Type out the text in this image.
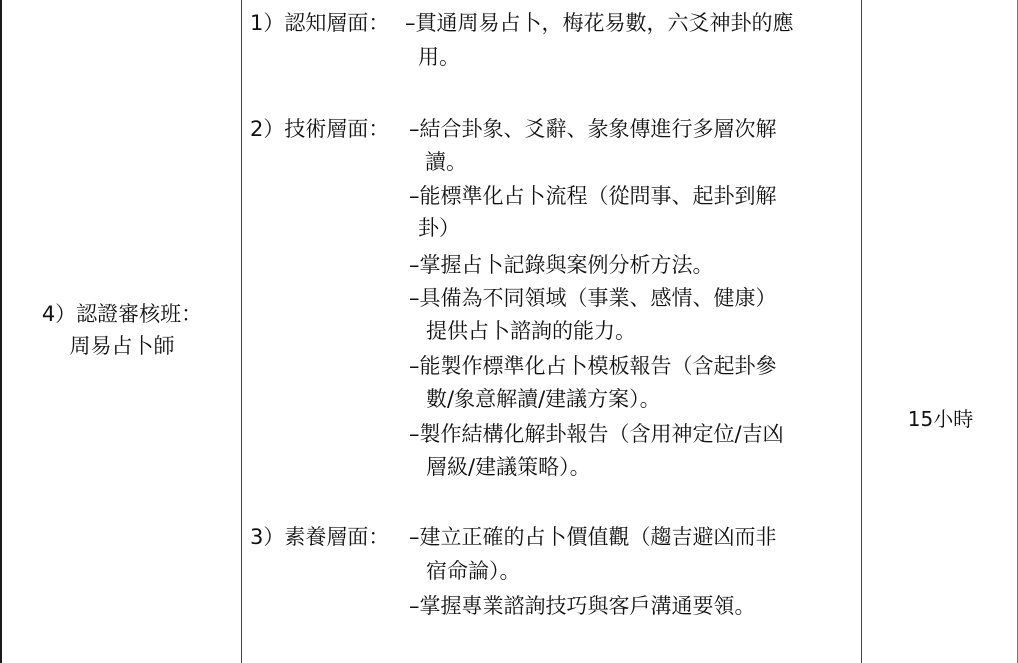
4）認證審核班：
周易占卜師
1）認知層面： –貫通周易占卜，梅花易數，六爻神卦的應
用。
2）技術層面： –結合卦象、爻辭、彖象傳進行多層次解
讀。
–能標準化占卜流程（從問事、起卦到解
卦）
–掌握占卜記錄與案例分析方法。
–具備為不同領域（事業、感情、健康）
提供占卜諮詢的能力。
–能製作標準化占卜模板報告（含起卦參
數/象意解讀/建議方案）。
–製作結構化解卦報告（含用神定位/吉凶
層級/建議策略）。
3）素養層面： –建立正確的占卜價值觀（趨吉避凶而非
宿命論）。
–掌握專業諮詢技巧與客戶溝通要領。
15小時
